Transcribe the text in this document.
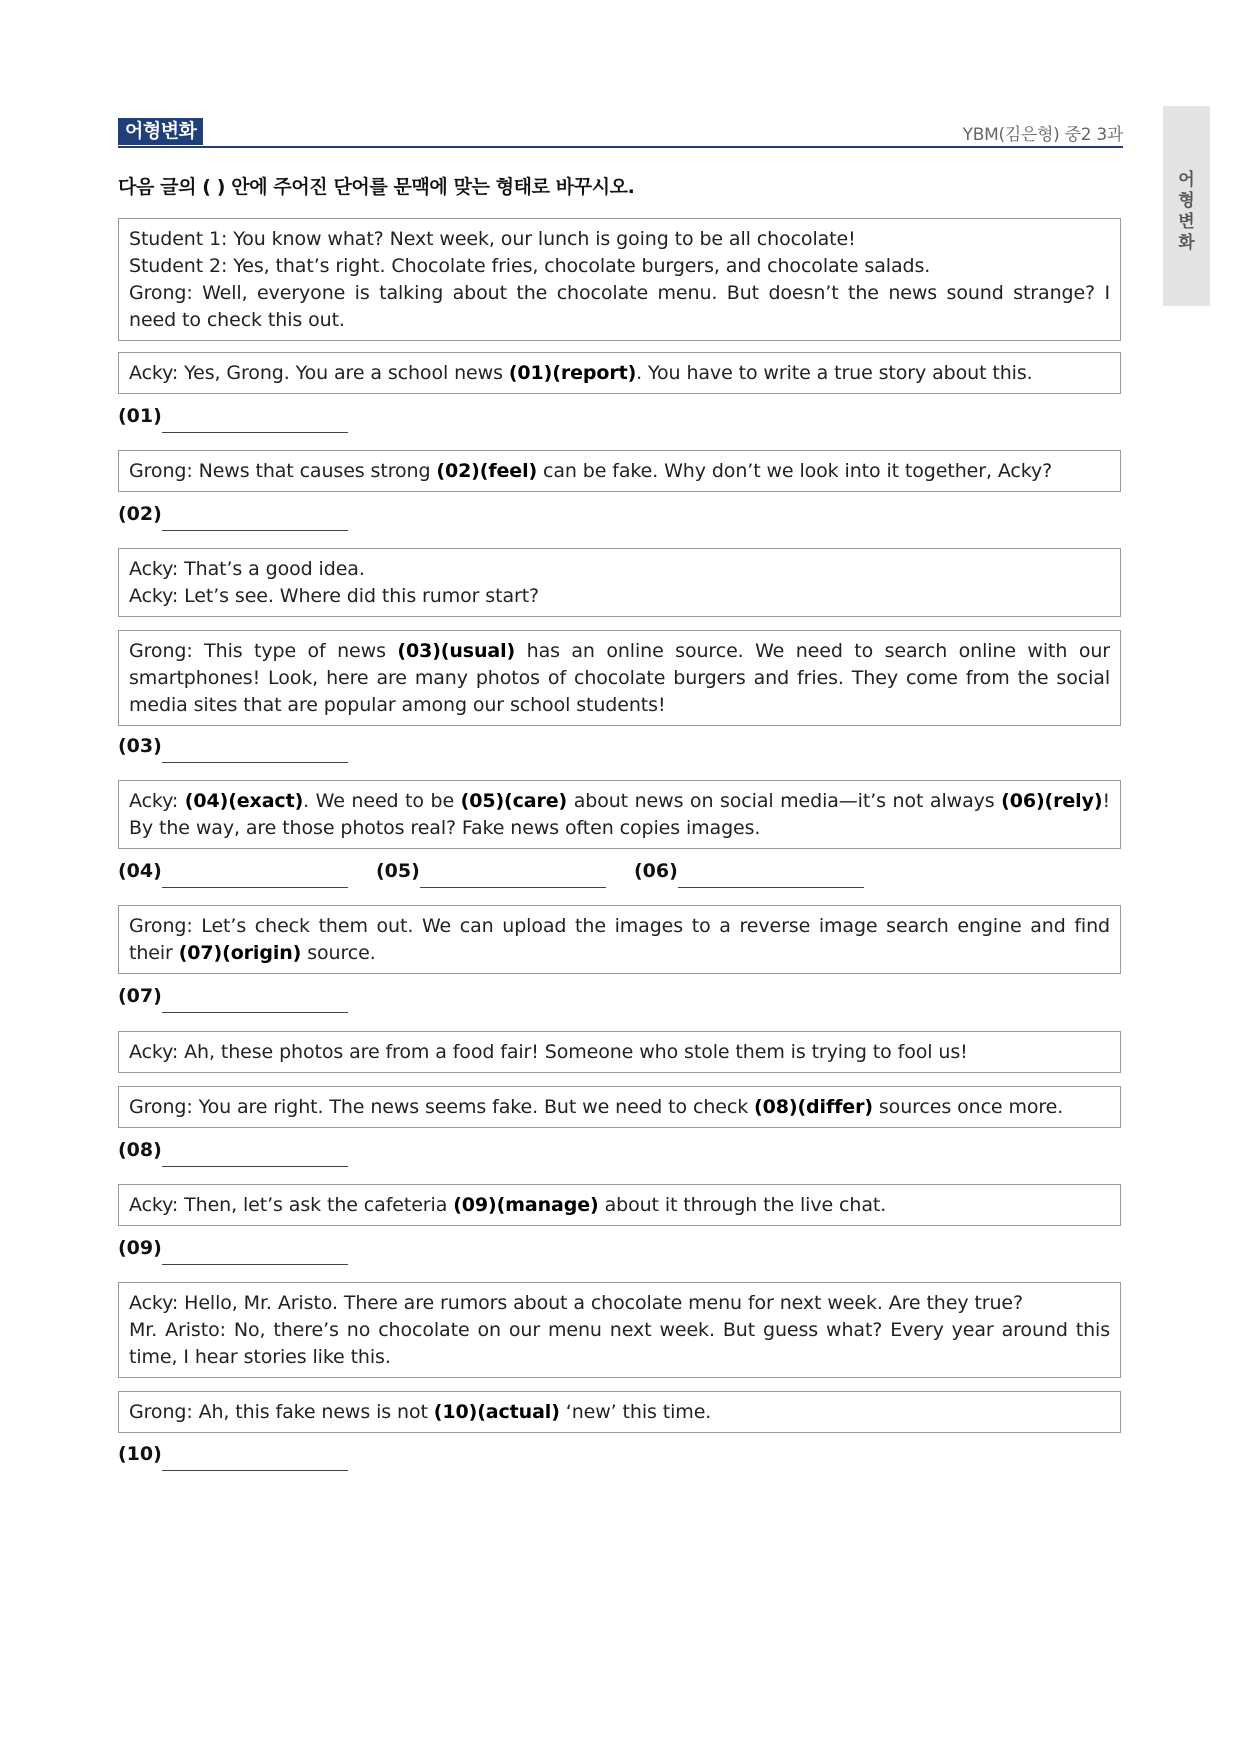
어형변화	YBM(김은형) 중2 3과
어
형
변
화
다음 글의 ( ) 안에 주어진 단어를 문맥에 맞는 형태로 바꾸시오.

Student 1: You know what? Next week, our lunch is going to be all chocolate!

Student 2: Yes, that’s right. Chocolate fries, chocolate burgers, and chocolate salads.

Grong: Well, everyone is talking about the chocolate menu. But doesn’t the news sound strange? I need to check this out.

Acky: Yes, Grong. You are a school news (01)(report). You have to write a true story about this.

(01)

Grong: News that causes strong (02)(feel) can be fake. Why don’t we look into it together, Acky?

(02)

Acky: That’s a good idea.

Acky: Let’s see. Where did this rumor start?

Grong: This type of news (03)(usual) has an online source. We need to search online with our smartphones! Look, here are many photos of chocolate burgers and fries. They come from the social media sites that are popular among our school students!

(03)

Acky: (04)(exact). We need to be (05)(care) about news on social media—it’s not always (06)(rely)! By the way, are those photos real? Fake news often copies images.

(04)	(05)	(06)

Grong: Let’s check them out. We can upload the images to a reverse image search engine and find their (07)(origin) source.

(07)

Acky: Ah, these photos are from a food fair! Someone who stole them is trying to fool us!

Grong: You are right. The news seems fake. But we need to check (08)(differ) sources once more.

(08)

Acky: Then, let’s ask the cafeteria (09)(manage) about it through the live chat.

(09)

Acky: Hello, Mr. Aristo. There are rumors about a chocolate menu for next week. Are they true?

Mr. Aristo: No, there’s no chocolate on our menu next week. But guess what? Every year around this time, I hear stories like this.

Grong: Ah, this fake news is not (10)(actual) ‘new’ this time.

(10)
